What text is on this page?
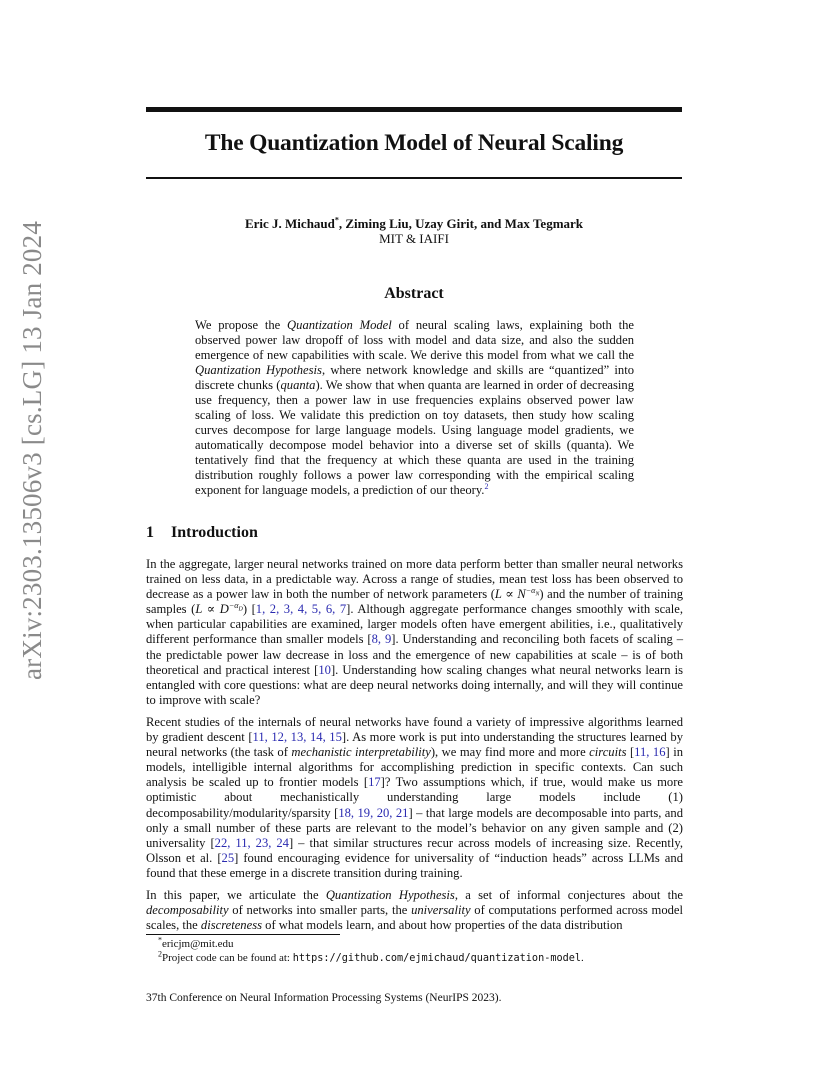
arXiv:2303.13506v3 [cs.LG] 13 Jan 2024
The Quantization Model of Neural Scaling
Eric J. Michaud*, Ziming Liu, Uzay Girit, and Max Tegmark
MIT & IAIFI
Abstract
We propose the Quantization Model of neural scaling laws, explaining both the observed power law dropoff of loss with model and data size, and also the sudden emergence of new capabilities with scale. We derive this model from what we call the Quantization Hypothesis, where network knowledge and skills are “quantized” into discrete chunks (quanta). We show that when quanta are learned in order of decreasing use frequency, then a power law in use frequencies explains observed power law scaling of loss. We validate this prediction on toy datasets, then study how scaling curves decompose for large language models. Using language model gradients, we automatically decompose model behavior into a diverse set of skills (quanta). We tentatively find that the frequency at which these quanta are used in the training distribution roughly follows a power law corresponding with the empirical scaling exponent for language models, a prediction of our theory.$^2$
1 Introduction

In the aggregate, larger neural networks trained on more data perform better than smaller neural networks trained on less data, in a predictable way. Across a range of studies, mean test loss has been observed to decrease as a power law in both the number of network parameters $(L \propto N^{-\alpha_N})$ and the number of training samples $(L \propto D^{-\alpha_D})$ [1, 2, 3, 4, 5, 6, 7]. Although aggregate performance changes smoothly with scale, when particular capabilities are examined, larger models often have emergent abilities, i.e., qualitatively different performance than smaller models [8, 9]. Understanding and reconciling both facets of scaling – the predictable power law decrease in loss and the emergence of new capabilities at scale – is of both theoretical and practical interest [10]. Understanding how scaling changes what neural networks learn is entangled with core questions: what are deep neural networks doing internally, and will they will continue to improve with scale?

Recent studies of the internals of neural networks have found a variety of impressive algorithms learned by gradient descent [11, 12, 13, 14, 15]. As more work is put into understanding the structures learned by neural networks (the task of mechanistic interpretability), we may find more and more circuits [11, 16] in models, intelligible internal algorithms for accomplishing prediction in specific contexts. Can such analysis be scaled up to frontier models [17]? Two assumptions which, if true, would make us more optimistic about mechanistically understanding large models include (1) decomposability/modularity/sparsity [18, 19, 20, 21] – that large models are decomposable into parts, and only a small number of these parts are relevant to the model’s behavior on any given sample and (2) universality [22, 11, 23, 24] – that similar structures recur across models of increasing size. Recently, Olsson et al. [25] found encouraging evidence for universality of “induction heads” across LLMs and found that these emerge in a discrete transition during training.

In this paper, we articulate the Quantization Hypothesis, a set of informal conjectures about the decomposability of networks into smaller parts, the universality of computations performed across model scales, the discreteness of what models learn, and about how properties of the data distribution

*ericjm@mit.edu
$^2$Project code can be found at: https://github.com/ejmichaud/quantization-model.
37th Conference on Neural Information Processing Systems (NeurIPS 2023).
